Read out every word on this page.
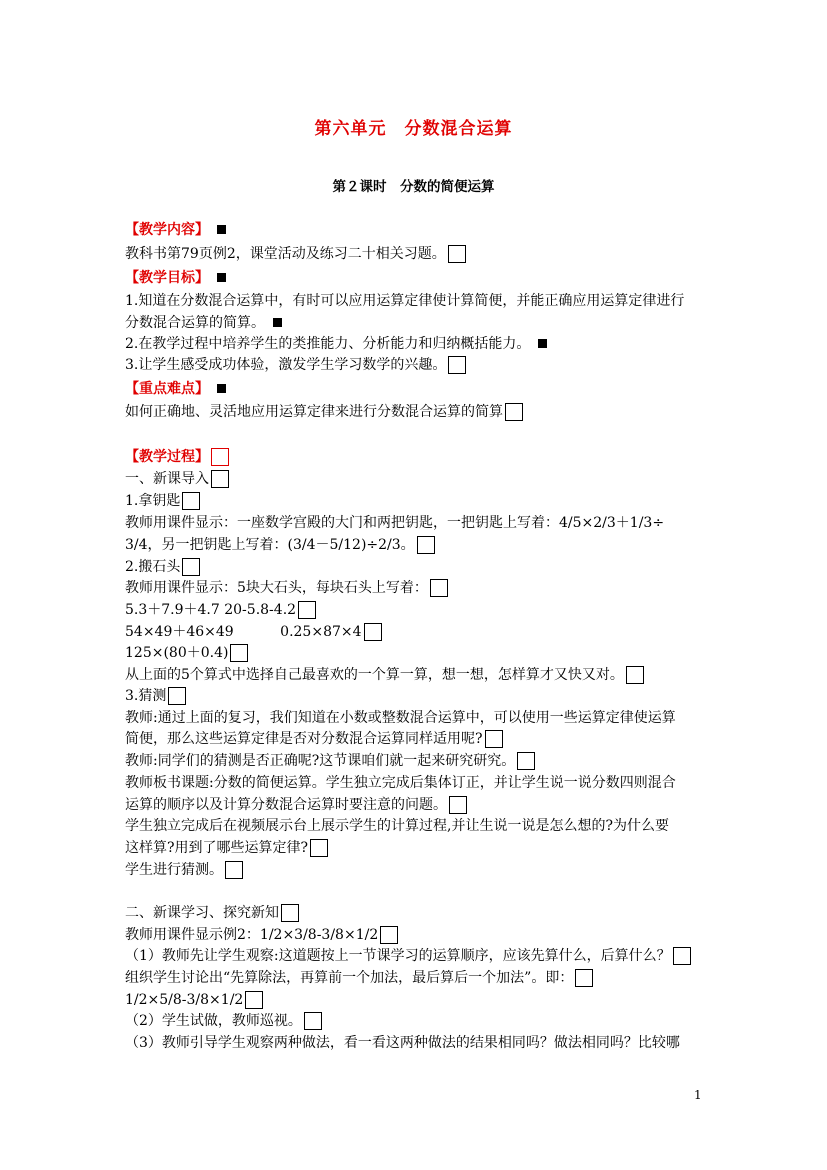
第六单元　分数混合运算
第２课时　分数的简便运算
【教学内容】
教科书第79页例2，课堂活动及练习二十相关习题。
【教学目标】
1.知道在分数混合运算中，有时可以应用运算定律使计算简便，并能正确应用运算定律进行
分数混合运算的简算。
2.在教学过程中培养学生的类推能力、分析能力和归纳概括能力。
3.让学生感受成功体验，激发学生学习数学的兴趣。
【重点难点】
如何正确地、灵活地应用运算定律来进行分数混合运算的简算
【教学过程】
一、新课导入
1.拿钥匙
教师用课件显示：一座数学宫殿的大门和两把钥匙，一把钥匙上写着：4/5×2/3＋1/3÷
3/4，另一把钥匙上写着：(3/4－5/12)÷2/3。
2.搬石头
教师用课件显示：5块大石头，每块石头上写着：
5.3＋7.9＋4.7 20-5.8-4.2
54×49＋46×49　　　 0.25×87×4
125×(80＋0.4)
从上面的5个算式中选择自己最喜欢的一个算一算，想一想，怎样算才又快又对。
3.猜测
教师:通过上面的复习，我们知道在小数或整数混合运算中，可以使用一些运算定律使运算
简便，那么这些运算定律是否对分数混合运算同样适用呢?
教师:同学们的猜测是否正确呢?这节课咱们就一起来研究研究。
教师板书课题:分数的简便运算。学生独立完成后集体订正，并让学生说一说分数四则混合
运算的顺序以及计算分数混合运算时要注意的问题。
学生独立完成后在视频展示台上展示学生的计算过程,并让生说一说是怎么想的?为什么要
这样算?用到了哪些运算定律?
学生进行猜测。
二、新课学习、探究新知
教师用课件显示例2：1/2×3/8-3/8×1/2
（1）教师先让学生观察:这道题按上一节课学习的运算顺序，应该先算什么，后算什么？
组织学生讨论出“先算除法，再算前一个加法，最后算后一个加法”。即：
1/2×5/8-3/8×1/2
（2）学生试做，教师巡视。
（3）教师引导学生观察两种做法，看一看这两种做法的结果相同吗？做法相同吗？比较哪
1
